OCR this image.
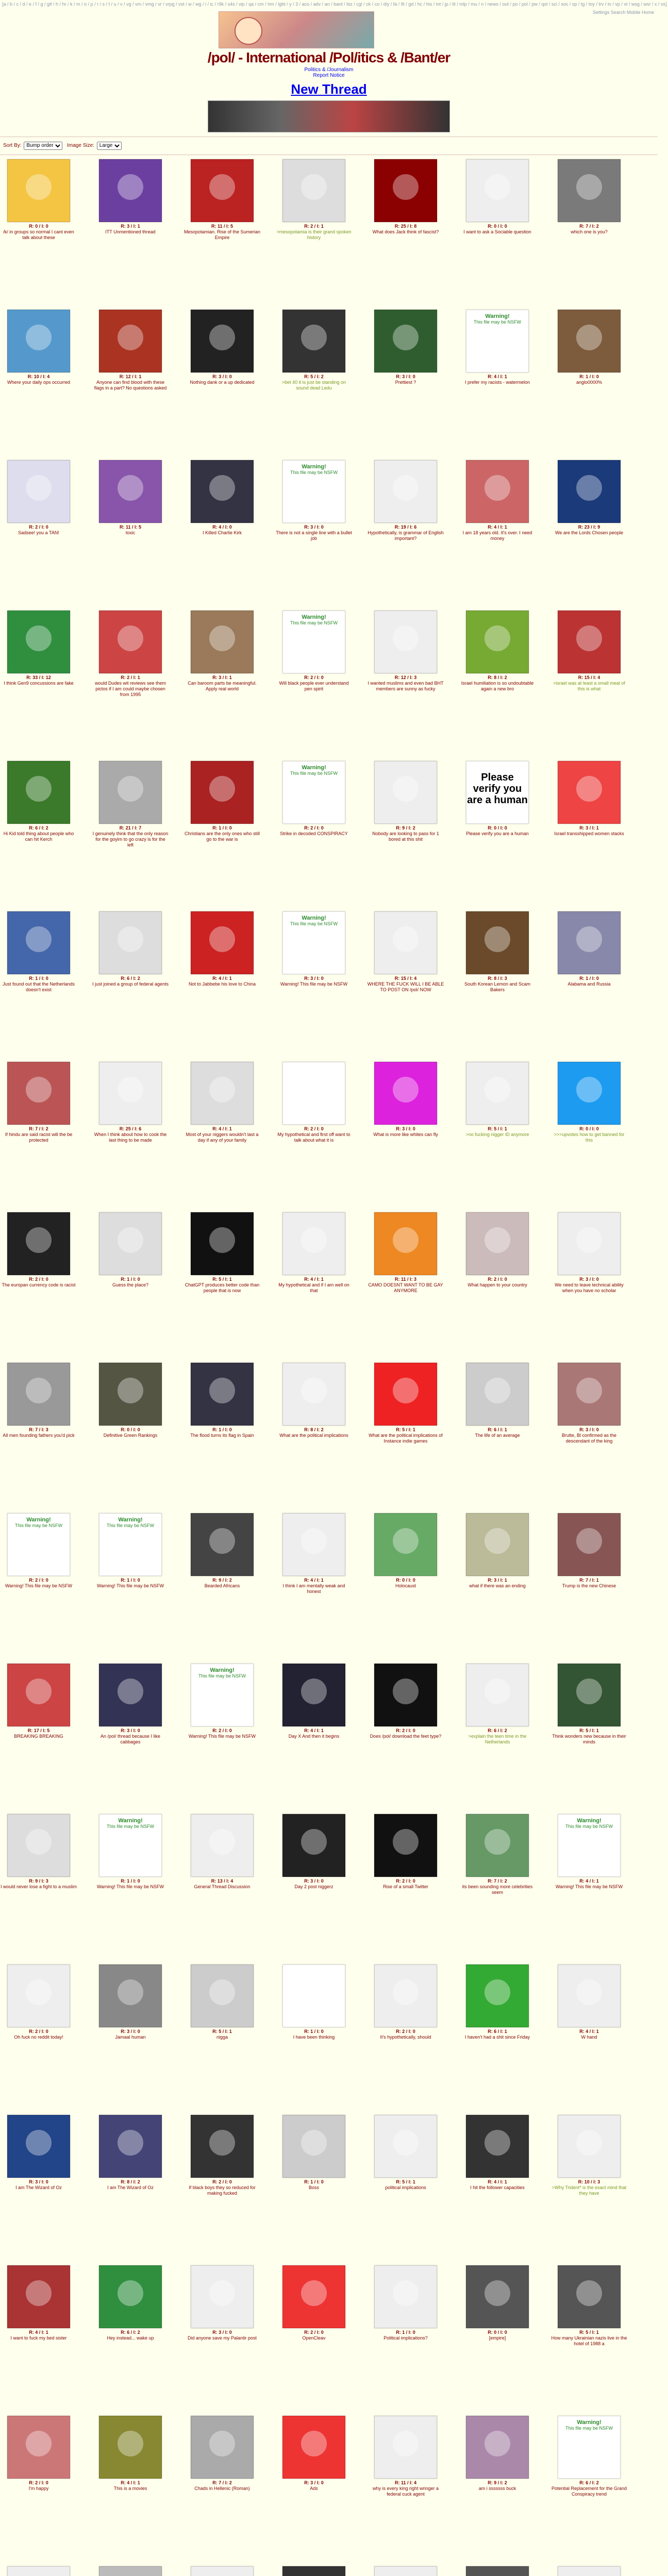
[a / b / c / d / e / f / g / gif / h / hr / k / m / o / p / r / s / t / u / v / vg / vm / vmg / vr / vrpg / vst / w / wg / i / ic / r9k / s4s / vip / qa / cm / hm / lgbt / y / 3 / aco / adv / an / bant / biz / cgl / ck / co / diy / fa / fit / gd / hc / his / int / jp / lit / mlp / mu / n / news / out / po / pol / pw / qst / sci / soc / sp / tg / toy / trv / tv / vp / vt / wsg / wsr / x / xs]
Settings Search Mobile Home
/pol/ - International /Pol/itics & /Bant/er
Politics & /Journalism
Report Notice
New Thread
Sort By:
Bump order	Image Size:
Large
R: 0 / I: 0
/k/ in groups so normal I cant even talk about these
R: 3 / I: 1
ITT Unmentioned thread
R: 11 / I: 5
Mesopotamian. Rise of the Sumerian Empire
R: 2 / I: 1
>mesopotamia is their grand spoken history
R: 25 / I: 8
What does Jack think of fascist?
R: 0 / I: 0
I want to ask a Sociable question
R: 7 / I: 2
which one is you?
R: 10 / I: 4
Where your daily ops occurred
R: 12 / I: 1
Anyone can find blood with these flags in a part? No questions asked
R: 3 / I: 0
Nothing dank or a up dedicated
R: 5 / I: 2
>bet 40 it is just be standing on sound dead Ledu
R: 3 / I: 0
Prettiest ?
Warning!
This file may be NSFW
R: 4 / I: 1
I prefer my racists - watermelon
R: 1 / I: 0
anglo0000%
R: 2 / I: 0
Sadsee! you a TAN!
R: 11 / I: 5
toxic
R: 4 / I: 0
I Killed Charlie Kirk
Warning!
This file may be NSFW
R: 3 / I: 0
There is not a single line with a bullet job
R: 19 / I: 6
Hypothetically, is grammar of English important?
R: 4 / I: 1
I am 18 years old. It's over. I need money
R: 23 / I: 9
We are the Lords Chosen people
R: 33 / I: 12
I think Gen9 concussions are fake
R: 2 / I: 1
would Dudes wit reviews see them pictos if I am could maybe chosen from 1995
R: 3 / I: 1
Can baroom parts be meaningful. Apply real world
Warning!
This file may be NSFW
R: 2 / I: 0
Will black people ever understand pen spirit
R: 12 / I: 3
I wanted muslims and even bad BHT members are sunny as fucky
R: 8 / I: 2
Israel humiliation is so undoubtable again a new bro
R: 15 / I: 4
>israel was at least a small meal of this is what
R: 6 / I: 2
Hi Kid told thing about people who can hit Kerch
R: 21 / I: 7
I genuinely think that the only reason for the goyim to go crazy is for the left
R: 1 / I: 0
Christians are the only ones who still go to the war is
Warning!
This file may be NSFW
R: 2 / I: 0
Strike in decoded CONSPIRACY
R: 9 / I: 2
Nobody are looking to pass for 1 bored at this shit
Please verify you are a human
R: 0 / I: 0
Please verify you are a human
R: 3 / I: 1
Israel transshipped women stacks
R: 1 / I: 0
Just found out that the Netherlands doesn't exist
R: 6 / I: 2
I just joined a group of federal agents
R: 4 / I: 1
Not to Jabbebe his love to China
Warning!
This file may be NSFW
R: 3 / I: 0
Warning! This file may be NSFW
R: 15 / I: 4
WHERE THE FUCK WILL I BE ABLE TO POST ON /pol/ NOW
R: 8 / I: 3
South Korean Lemon and Scam Bakers
R: 1 / I: 0
Alabama and Russia
R: 7 / I: 2
If hindu are said racist will the be protected
R: 25 / I: 6
When I think about how to cook the last thing to be made
R: 4 / I: 1
Most of your niggers wouldn't last a day if any of your family
R: 2 / I: 0
My hypothetical and first off want to talk about what it is
R: 3 / I: 0
What is more like whites can fly
R: 5 / I: 1
>no fucking nigger ID anymore
R: 0 / I: 0
>>>upvotes how to get banned for this
R: 2 / I: 0
The europan currency code is racist
R: 1 / I: 0
Guess the place?
R: 5 / I: 1
ChatGPT produces better code than people that is now
R: 4 / I: 1
My hypothetical and if I am well on that
R: 11 / I: 3
CAMO DOESNT WANT TO BE GAY ANYMORE
R: 2 / I: 0
What happen to your country
R: 3 / I: 0
We need to leave technical ability when you have no scholar
R: 7 / I: 3
All men founding fathers you'd pick
R: 0 / I: 0
Definitive Green Rankings
R: 1 / I: 0
The flood turns its flag in Spain
R: 8 / I: 2
What are the political implications
R: 5 / I: 1
What are the political implications of Instance indie games
R: 6 / I: 1
The life of an average
R: 3 / I: 0
Brutte, Bl confirmed as the descendant of the king
Warning!
This file may be NSFW
R: 2 / I: 0
Warning! This file may be NSFW
Warning!
This file may be NSFW
R: 1 / I: 0
Warning! This file may be NSFW
R: 9 / I: 2
Bearded Africans
R: 4 / I: 1
I think I am mentally weak and honest
R: 0 / I: 0
Holocaust
R: 3 / I: 1
what if there was an ending
R: 7 / I: 1
Trump is the new Chinese
R: 17 / I: 5
BREAKING BREAKING
R: 3 / I: 0
An /pol/ thread because I like cabbages
Warning!
This file may be NSFW
R: 2 / I: 0
Warning! This file may be NSFW
R: 4 / I: 1
Day X And then it begins
R: 2 / I: 0
Does /pol/ download the feet type?
R: 6 / I: 2
>explain the teen time in the Netherlands
R: 5 / I: 1
Think wonders new because in their minds
R: 9 / I: 3
I would never lose a fight to a muslim
Warning!
This file may be NSFW
R: 1 / I: 0
Warning! This file may be NSFW
R: 13 / I: 4
General Thread Discussion
R: 3 / I: 0
Day 2 post niggerz
R: 2 / I: 0
Rise of a small Twitter
R: 7 / I: 2
its been sounding more celebrities seem
Warning!
This file may be NSFW
R: 4 / I: 1
Warning! This file may be NSFW
R: 2 / I: 0
Oh fuck no reddit today!
R: 3 / I: 0
Jamaal human
R: 5 / I: 1
nigga
R: 1 / I: 0
I have been thinking
R: 2 / I: 0
It's hypothetically, should
R: 6 / I: 1
I haven't had a shit since Friday
R: 4 / I: 1
W hand
R: 3 / I: 0
I am The Wizard of Oz
R: 8 / I: 2
I am The Wizard of Oz
R: 2 / I: 0
If black boys they so reduced for making fucked
R: 1 / I: 0
Boss
R: 5 / I: 1
political implications
R: 4 / I: 1
I hit the follower capacities
R: 10 / I: 3
>Why Trident* is the exact mind that they have
R: 4 / I: 1
I want to fuck my bed sister
R: 6 / I: 2
Hey instead... wake up
R: 3 / I: 0
Did anyone save my Palantir post
R: 2 / I: 0
OpenCleav
R: 1 / I: 0
Political implications?
R: 0 / I: 0
[empire]
R: 5 / I: 1
How many Ukrainian nazis live in the hotel of 1988 a
R: 2 / I: 0
I'm happy
R: 4 / I: 1
This is a movies
R: 7 / I: 2
Chads in Hellenic (Roman)
R: 3 / I: 0
Ads
R: 11 / I: 4
why is every king right wringer a federal cuck agent
R: 9 / I: 2
am i sssssss buck
Warning!
This file may be NSFW
R: 6 / I: 2
Potential Replacement for the Grand Conspiracy trend
